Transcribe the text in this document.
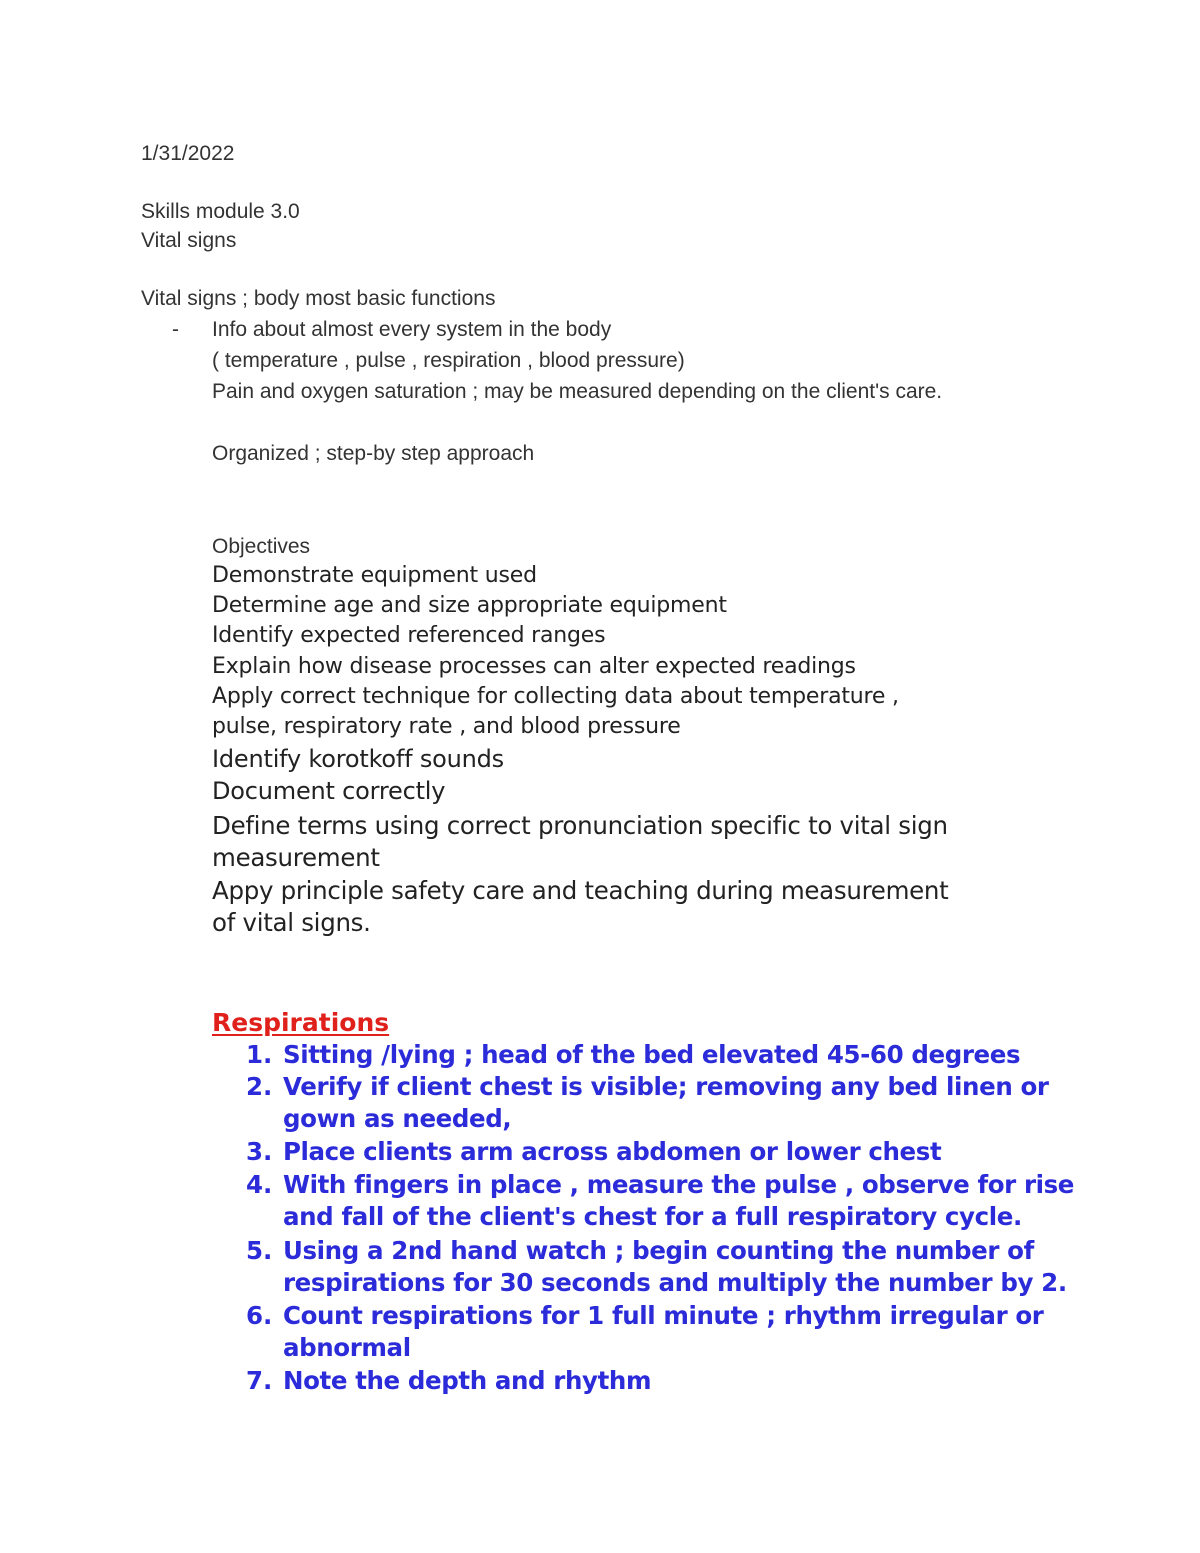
1/31/2022

Skills module 3.0

Vital signs

Vital signs ; body most basic functions

- Info about almost every system in the body

( temperature , pulse , respiration , blood pressure)

Pain and oxygen saturation ; may be measured depending on the client's care.

Organized ; step-by step approach

Objectives

Demonstrate equipment used

Determine age and size appropriate equipment

Identify expected referenced ranges

Explain how disease processes can alter expected readings

Apply correct technique for collecting data about temperature ,

pulse, respiratory rate , and blood pressure

Identify korotkoff sounds

Document correctly

Define terms using correct pronunciation specific to vital sign

measurement

Appy principle safety care and teaching during measurement

of vital signs.

Respirations

1. Sitting /lying ; head of the bed elevated 45-60 degrees

2. Verify if client chest is visible; removing any bed linen or

gown as needed,

3. Place clients arm across abdomen or lower chest

4. With fingers in place , measure the pulse , observe for rise

and fall of the client's chest for a full respiratory cycle.

5. Using a 2nd hand watch ; begin counting the number of

respirations for 30 seconds and multiply the number by 2.

6. Count respirations for 1 full minute ; rhythm irregular or

abnormal

7. Note the depth and rhythm
